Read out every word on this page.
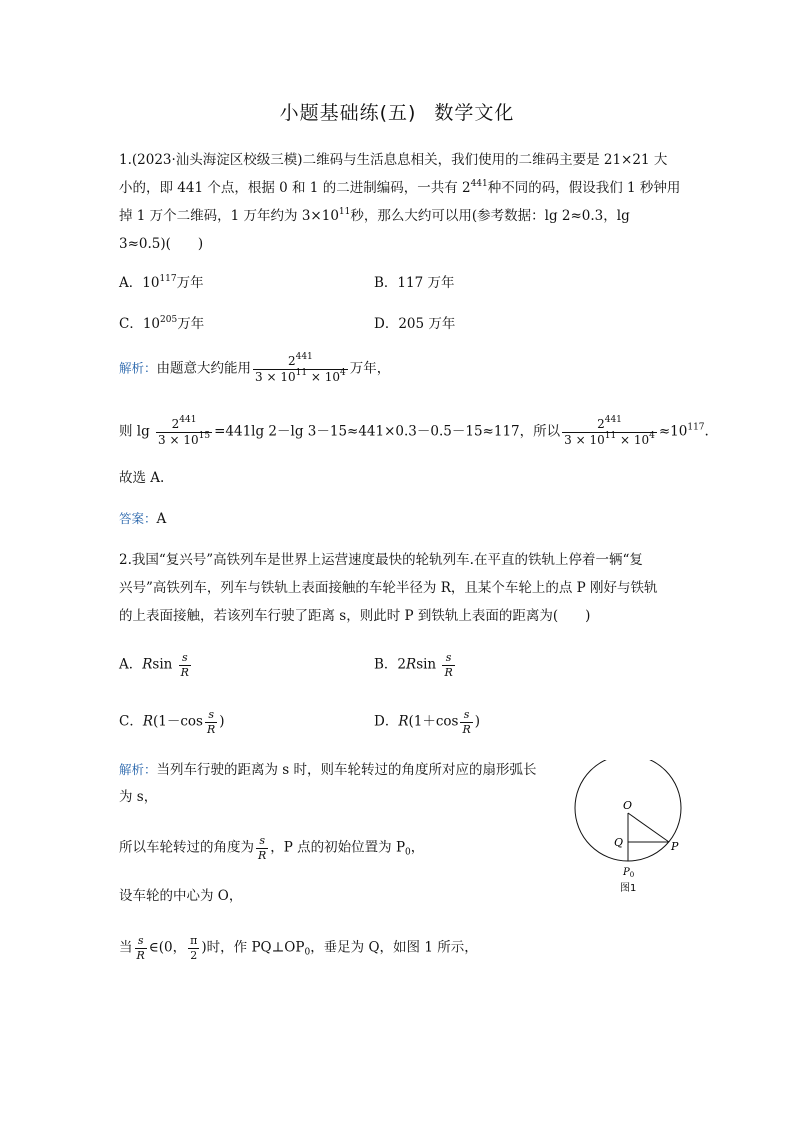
小题基础练(五) 数学文化
1.(2023·汕头海淀区校级三模)二维码与生活息息相关，我们使用的二维码主要是 21×21 大
小的，即 441 个点，根据 0 和 1 的二进制编码，一共有 $2^{441}$种不同的码，假设我们 1 秒钟用
掉 1 万个二维码，1 万年约为 $3\times 10^{11}$秒，那么大约可以用(参考数据：lg 2≈0.3，lg
3≈0.5)(　　)
A．$10^{117}$万年	B．117 万年
C．$10^{205}$万年	D．205 万年
解析：由题意大约能用 $\frac{2^{441}}{3 \times 10^{11} \times 10^4}$ 万年，
则 $\lg \frac{2^{441}}{3 \times 10^{15}} =441\lg$ 2－lg 3－15≈441×0.3－0.5－15≈117，所以 $\frac{2^{441}}{3 \times 10^{11} \times 10^4} \approx 10^{117}$.
故选 A.
答案：A
2.我国“复兴号”高铁列车是世界上运营速度最快的轮轨列车.在平直的铁轨上停着一辆“复
兴号”高铁列车，列车与铁轨上表面接触的车轮半径为 R，且某个车轮上的点 P 刚好与铁轨
的上表面接触，若该列车行驶了距离 s，则此时 P 到铁轨上表面的距离为(　　)
A．Rsin $\frac{s}{R}$	B．$2Rsin \frac{s}{R}$
C．$R(1-\cos \frac{s}{R}$ )	D．$R(1+\cos \frac{s}{R}$ )
解析：当列车行驶的距离为 s 时，则车轮转过的角度所对应的扇形弧长
为 s，
所以车轮转过的角度为 $\frac{s}{R}$ ，P 点的初始位置为 $P_0$，
设车轮的中心为 O，
当 $\frac{s}{R}$ ∈(0， $\frac{\pi}{2}$ )时，作 $PQ\perp OP_0$，垂足为 Q，如图 1 所示，
O
Q	P
$P_0$
图1
